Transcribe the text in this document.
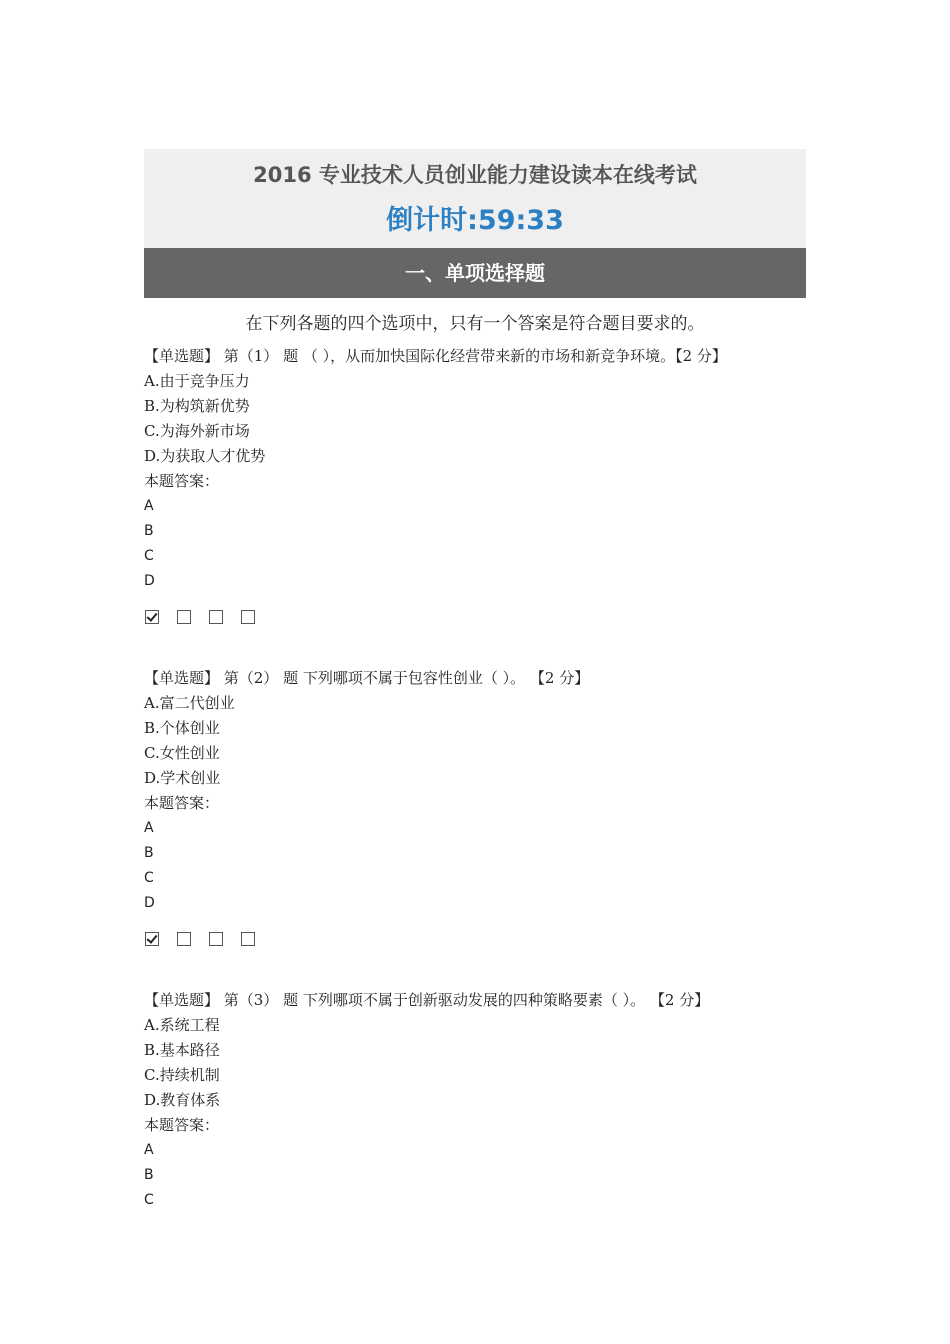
2016 专业技术人员创业能力建设读本在线考试
倒计时:59:33
一、单项选择题
在下列各题的四个选项中，只有一个答案是符合题目要求的。
【单选题】 第（1） 题 （ ），从而加快国际化经营带来新的市场和新竞争环境。【2 分】
A.由于竞争压力
B.为构筑新优势
C.为海外新市场
D.为获取人才优势
本题答案：
A
B
C
D
【单选题】 第（2） 题 下列哪项不属于包容性创业（ ）。 【2 分】
A.富二代创业
B.个体创业
C.女性创业
D.学术创业
本题答案：
A
B
C
D
【单选题】 第（3） 题 下列哪项不属于创新驱动发展的四种策略要素（ ）。 【2 分】
A.系统工程
B.基本路径
C.持续机制
D.教育体系
本题答案：
A
B
C
